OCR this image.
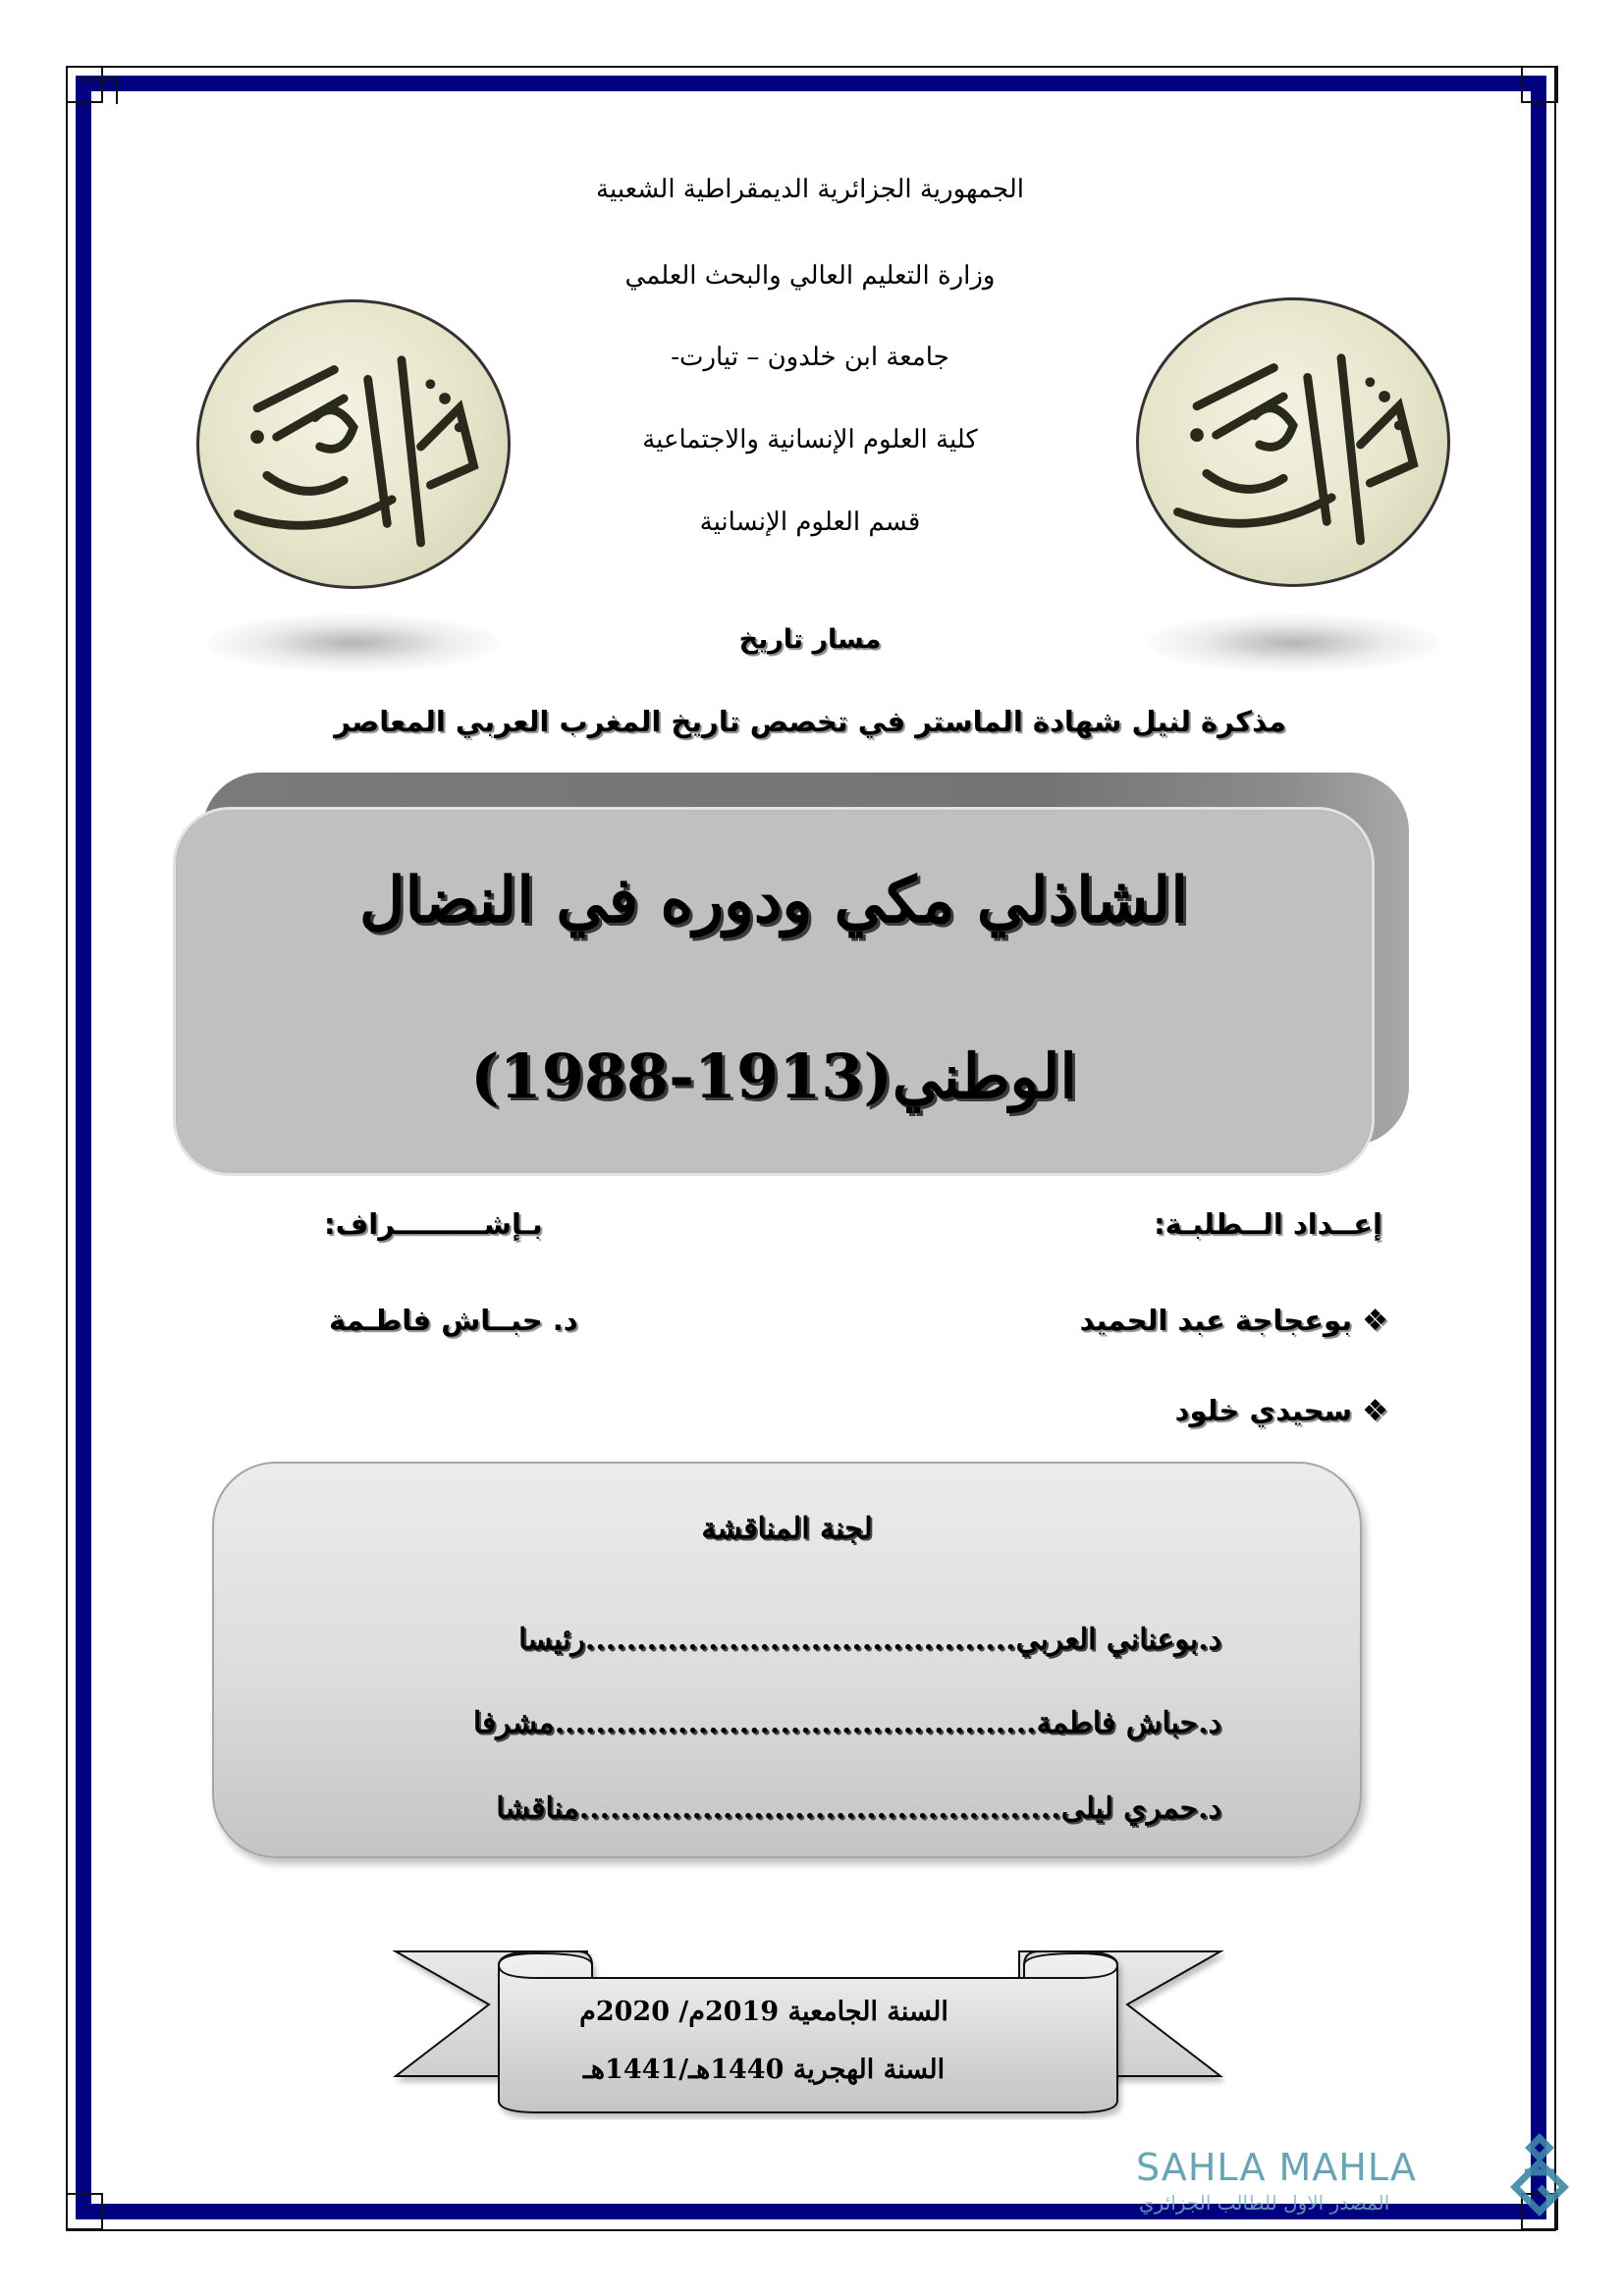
الجمهورية الجزائرية الديمقراطية الشعبية
وزارة التعليم العالي والبحث العلمي
جامعة ابن خلدون – تيارت-
كلية العلوم الإنسانية والاجتماعية
قسم العلوم الإنسانية
مسار تاريخ
مذكرة لنيل شهادة الماستر في تخصص تاريخ المغرب العربي المعاصر
الشاذلي مكي ودوره في النضال
الوطني(1913-1988)
إعــداد الــطلبـة:
بـإشـــــــــراف:
❖بوعجاجة عبد الحميد
د. حبــاش فاطـمة
❖سحيدي خلود
لجنة المناقشة
د.بوعناني العربي..........................................رئيسا
د.حباش فاطمة...............................................مشرفا
د.حمري ليلى...............................................مناقشا
السنة الجامعية 2019م/ 2020م
السنة الهجرية 1440هـ/1441هـ
SAHLA MAHLA
المصدر الاول للطالب الجزائري
